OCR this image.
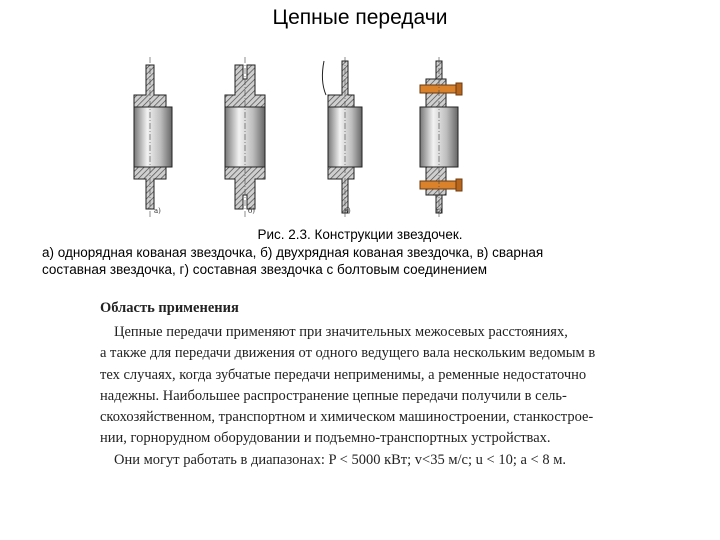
Цепные передачи
а)	б)	в)	г)
Рис. 2.3. Конструкции звездочек.
а) однорядная кованая звездочка, б) двухрядная кованая звездочка, в) сварная
составная звездочка, г) составная звездочка с болтовым соединением
Область применения
Цепные передачи применяют при значительных межосевых расстояниях,
а также для передачи движения от одного ведущего вала нескольким ведомым в
тех случаях, когда зубчатые передачи неприменимы, а ременные недостаточно
надежны. Наибольшее распространение цепные передачи получили в сель-
скохозяйственном, транспортном и химическом машиностроении, станкострое-
нии, горнорудном оборудовании и подъемно-транспортных устройствах.
Они могут работать в диапазонах: P < 5000 кВт; v<35 м/с; u < 10; a < 8 м.
